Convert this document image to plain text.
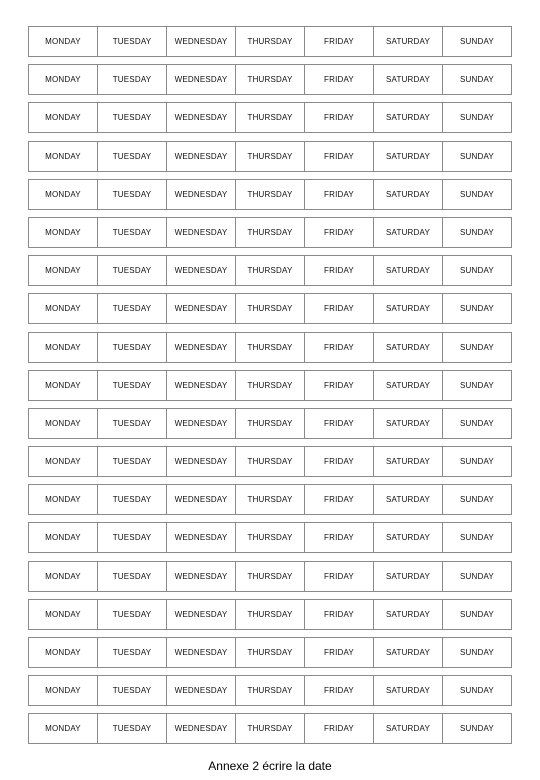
MONDAY	TUESDAY	WEDNESDAY	THURSDAY	FRIDAY	SATURDAY	SUNDAY
MONDAY	TUESDAY	WEDNESDAY	THURSDAY	FRIDAY	SATURDAY	SUNDAY
MONDAY	TUESDAY	WEDNESDAY	THURSDAY	FRIDAY	SATURDAY	SUNDAY
MONDAY	TUESDAY	WEDNESDAY	THURSDAY	FRIDAY	SATURDAY	SUNDAY
MONDAY	TUESDAY	WEDNESDAY	THURSDAY	FRIDAY	SATURDAY	SUNDAY
MONDAY	TUESDAY	WEDNESDAY	THURSDAY	FRIDAY	SATURDAY	SUNDAY
MONDAY	TUESDAY	WEDNESDAY	THURSDAY	FRIDAY	SATURDAY	SUNDAY
MONDAY	TUESDAY	WEDNESDAY	THURSDAY	FRIDAY	SATURDAY	SUNDAY
MONDAY	TUESDAY	WEDNESDAY	THURSDAY	FRIDAY	SATURDAY	SUNDAY
MONDAY	TUESDAY	WEDNESDAY	THURSDAY	FRIDAY	SATURDAY	SUNDAY
MONDAY	TUESDAY	WEDNESDAY	THURSDAY	FRIDAY	SATURDAY	SUNDAY
MONDAY	TUESDAY	WEDNESDAY	THURSDAY	FRIDAY	SATURDAY	SUNDAY
MONDAY	TUESDAY	WEDNESDAY	THURSDAY	FRIDAY	SATURDAY	SUNDAY
MONDAY	TUESDAY	WEDNESDAY	THURSDAY	FRIDAY	SATURDAY	SUNDAY
MONDAY	TUESDAY	WEDNESDAY	THURSDAY	FRIDAY	SATURDAY	SUNDAY
MONDAY	TUESDAY	WEDNESDAY	THURSDAY	FRIDAY	SATURDAY	SUNDAY
MONDAY	TUESDAY	WEDNESDAY	THURSDAY	FRIDAY	SATURDAY	SUNDAY
MONDAY	TUESDAY	WEDNESDAY	THURSDAY	FRIDAY	SATURDAY	SUNDAY
MONDAY	TUESDAY	WEDNESDAY	THURSDAY	FRIDAY	SATURDAY	SUNDAY
Annexe 2 écrire la date
